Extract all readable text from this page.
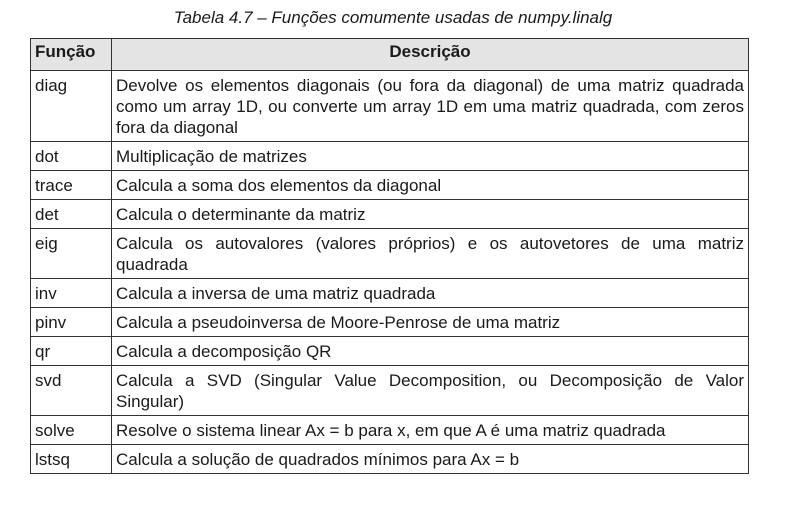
Tabela 4.7 – Funções comumente usadas de numpy.linalg
Função	Descrição
diag	Devolve os elementos diagonais (ou fora da diagonal) de uma matriz quadrada como um array 1D, ou converte um array 1D em uma matriz quadrada, com zeros fora da diagonal
dot	Multiplicação de matrizes
trace	Calcula a soma dos elementos da diagonal
det	Calcula o determinante da matriz
eig	Calcula os autovalores (valores próprios) e os autovetores de uma matriz quadrada
inv	Calcula a inversa de uma matriz quadrada
pinv	Calcula a pseudoinversa de Moore-Penrose de uma matriz
qr	Calcula a decomposição QR
svd	Calcula a SVD (Singular Value Decomposition, ou Decomposição de Valor Singular)
solve	Resolve o sistema linear Ax = b para x, em que A é uma matriz quadrada
lstsq	Calcula a solução de quadrados mínimos para Ax = b
